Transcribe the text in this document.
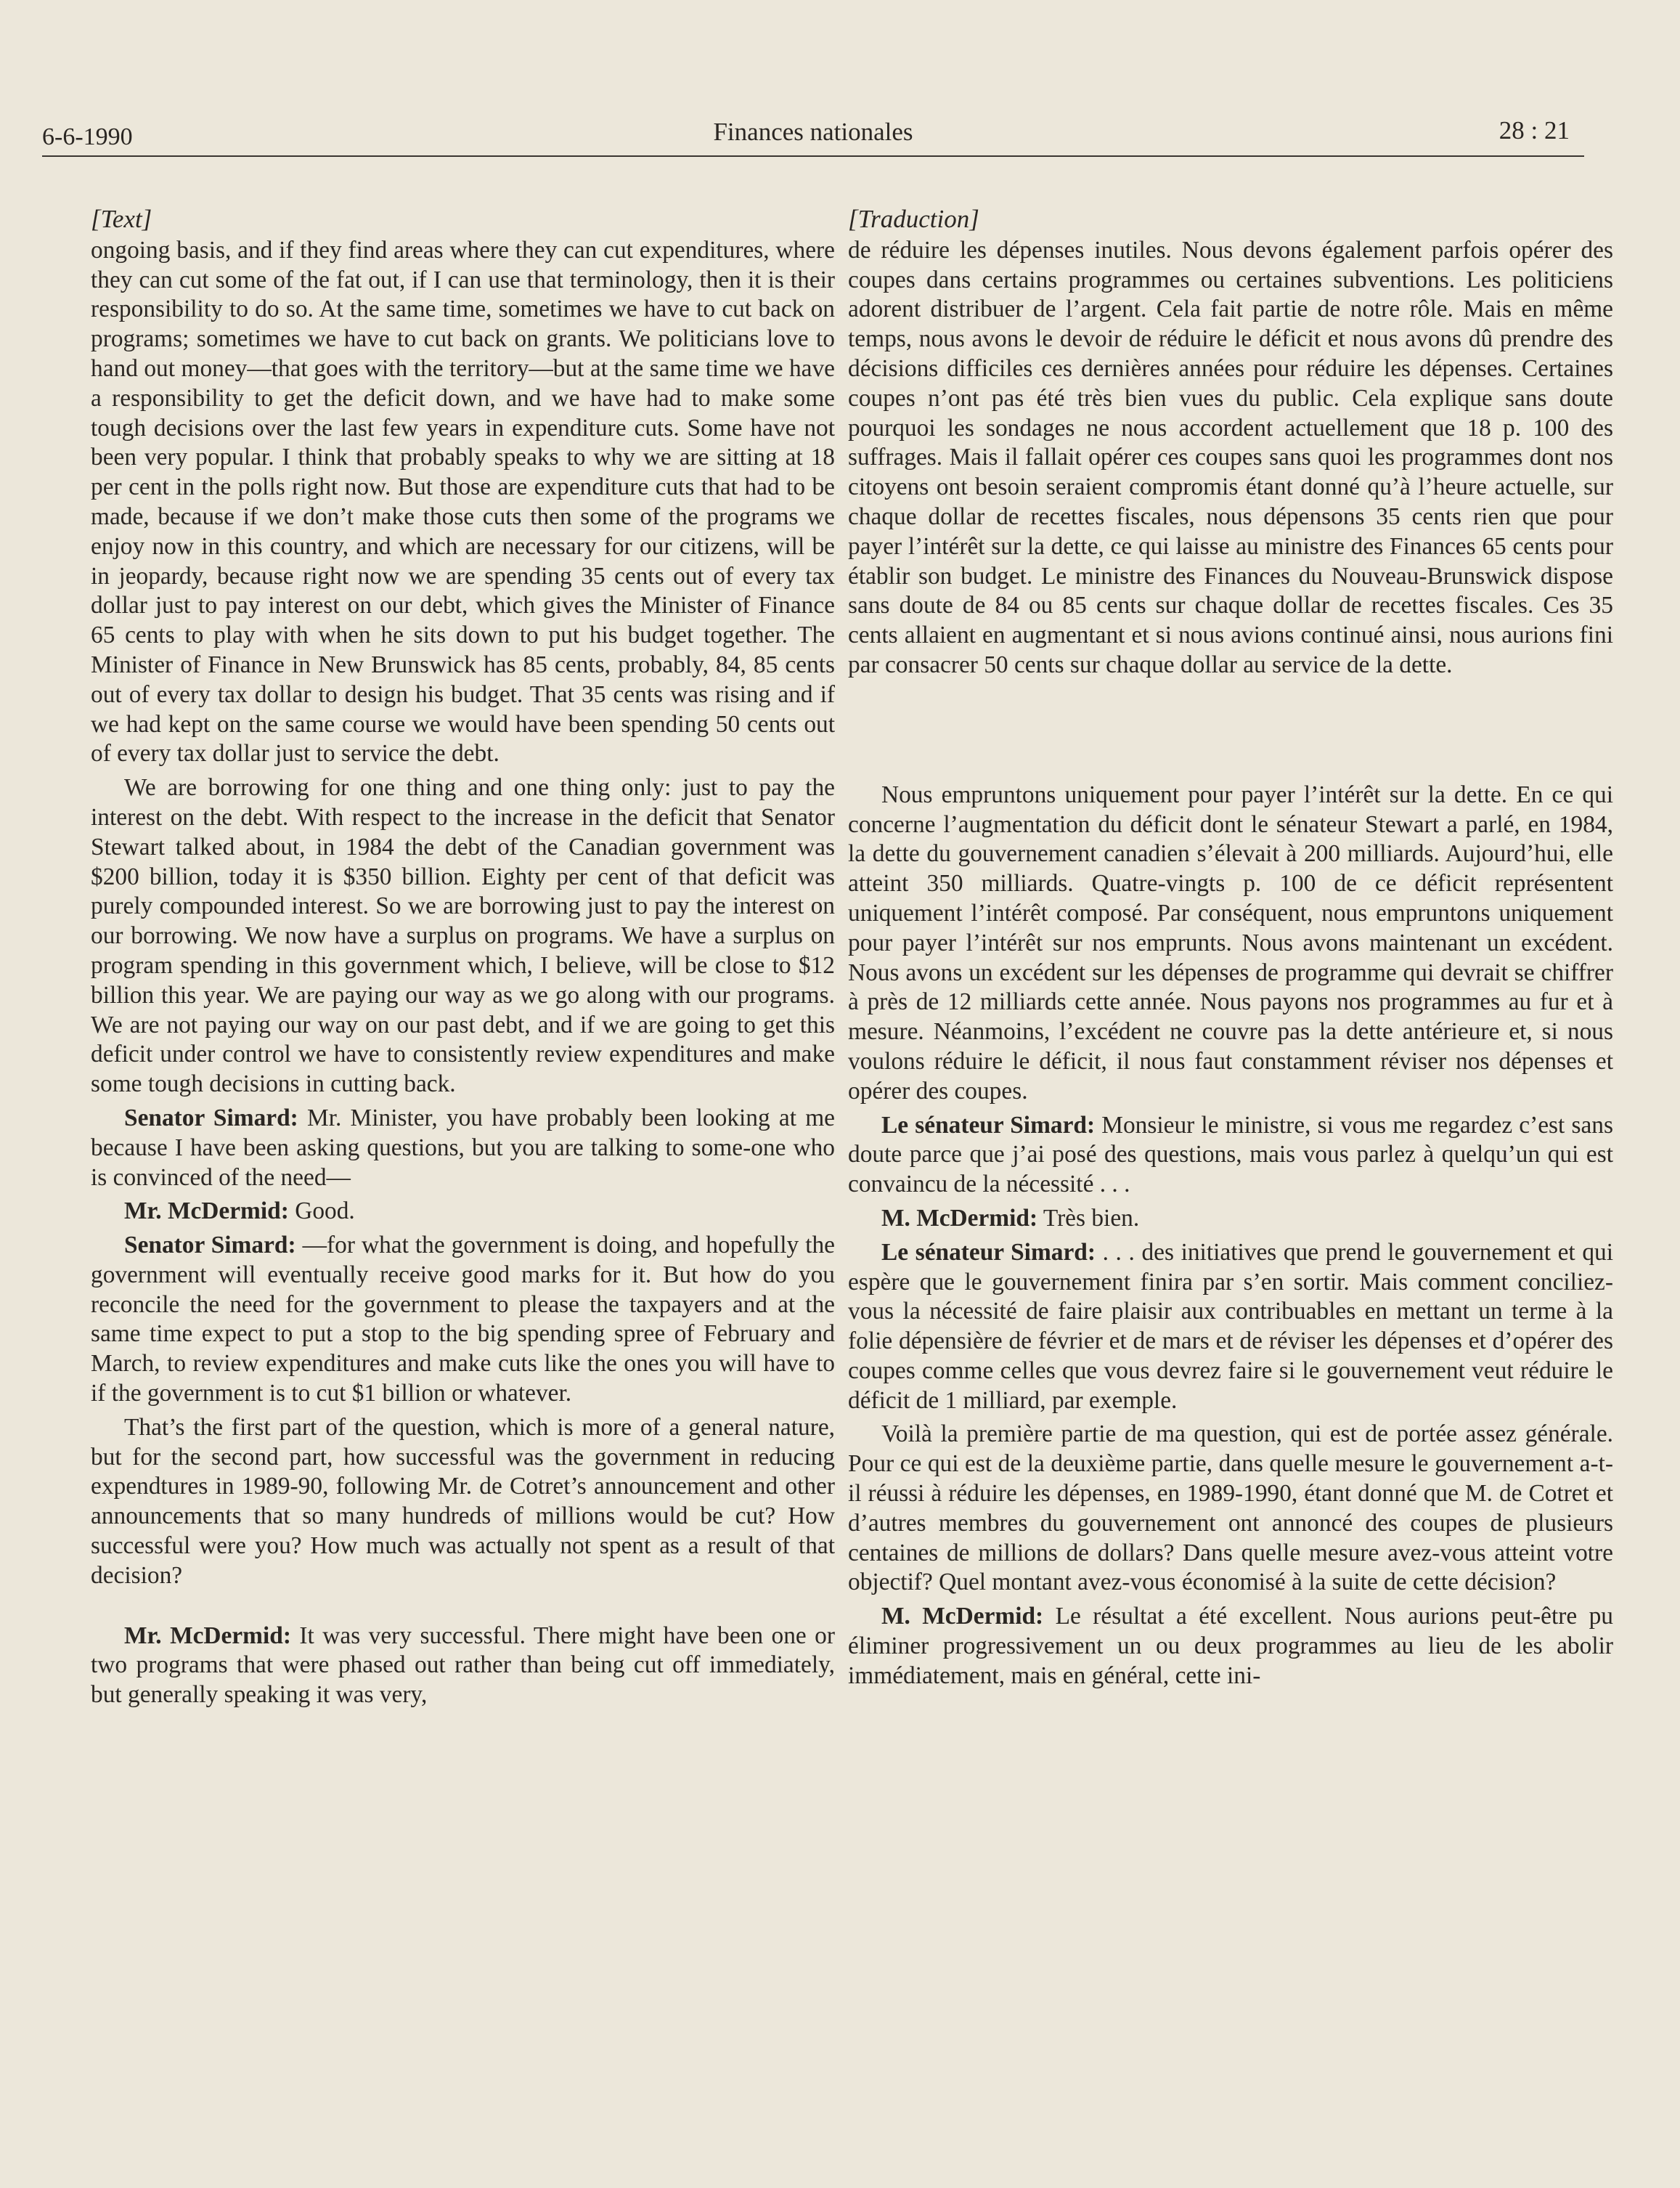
6-6-1990	Finances nationales	28 : 21
[Text]

ongoing basis, and if they find areas where they can cut expenditures, where they can cut some of the fat out, if I can use that terminology, then it is their responsibility to do so. At the same time, sometimes we have to cut back on programs; sometimes we have to cut back on grants. We politicians love to hand out money—that goes with the territory—but at the same time we have a responsibility to get the deficit down, and we have had to make some tough decisions over the last few years in expenditure cuts. Some have not been very popular. I think that probably speaks to why we are sitting at 18 per cent in the polls right now. But those are expenditure cuts that had to be made, because if we don’t make those cuts then some of the programs we enjoy now in this country, and which are necessary for our citizens, will be in jeopardy, because right now we are spending 35 cents out of every tax dollar just to pay interest on our debt, which gives the Minister of Finance 65 cents to play with when he sits down to put his budget together. The Minister of Finance in New Brunswick has 85 cents, probably, 84, 85 cents out of every tax dollar to design his budget. That 35 cents was rising and if we had kept on the same course we would have been spending 50 cents out of every tax dollar just to service the debt.

We are borrowing for one thing and one thing only: just to pay the interest on the debt. With respect to the increase in the deficit that Senator Stewart talked about, in 1984 the debt of the Canadian government was $200 billion, today it is $350 billion. Eighty per cent of that deficit was purely compounded interest. So we are borrowing just to pay the interest on our borrowing. We now have a surplus on programs. We have a surplus on program spending in this government which, I believe, will be close to $12 billion this year. We are paying our way as we go along with our programs. We are not paying our way on our past debt, and if we are going to get this deficit under control we have to consistently review expenditures and make some tough decisions in cutting back.

Senator Simard: Mr. Minister, you have probably been looking at me because I have been asking questions, but you are talking to some-one who is convinced of the need—

Mr. McDermid: Good.

Senator Simard: —for what the government is doing, and hopefully the government will eventually receive good marks for it. But how do you reconcile the need for the government to please the taxpayers and at the same time expect to put a stop to the big spending spree of February and March, to review expenditures and make cuts like the ones you will have to if the government is to cut $1 billion or whatever.

That’s the first part of the question, which is more of a general nature, but for the second part, how successful was the government in reducing expendtures in 1989-90, following Mr. de Cotret’s announcement and other announcements that so many hundreds of millions would be cut? How successful were you? How much was actually not spent as a result of that decision?

Mr. McDermid: It was very successful. There might have been one or two programs that were phased out rather than being cut off immediately, but generally speaking it was very,

[Traduction]

de réduire les dépenses inutiles. Nous devons également parfois opérer des coupes dans certains programmes ou certaines subventions. Les politiciens adorent distribuer de l’argent. Cela fait partie de notre rôle. Mais en même temps, nous avons le devoir de réduire le déficit et nous avons dû prendre des décisions difficiles ces dernières années pour réduire les dépenses. Certaines coupes n’ont pas été très bien vues du public. Cela explique sans doute pourquoi les sondages ne nous accordent actuellement que 18 p. 100 des suffrages. Mais il fallait opérer ces coupes sans quoi les programmes dont nos citoyens ont besoin seraient compromis étant donné qu’à l’heure actuelle, sur chaque dollar de recettes fiscales, nous dépensons 35 cents rien que pour payer l’intérêt sur la dette, ce qui laisse au ministre des Finances 65 cents pour établir son budget. Le ministre des Finances du Nouveau-Brunswick dispose sans doute de 84 ou 85 cents sur chaque dollar de recettes fiscales. Ces 35 cents allaient en augmentant et si nous avions continué ainsi, nous aurions fini par consacrer 50 cents sur chaque dollar au service de la dette.

Nous empruntons uniquement pour payer l’intérêt sur la dette. En ce qui concerne l’augmentation du déficit dont le sénateur Stewart a parlé, en 1984, la dette du gouvernement canadien s’élevait à 200 milliards. Aujourd’hui, elle atteint 350 milliards. Quatre-vingts p. 100 de ce déficit représentent uniquement l’intérêt composé. Par conséquent, nous empruntons uniquement pour payer l’intérêt sur nos emprunts. Nous avons maintenant un excédent. Nous avons un excédent sur les dépenses de programme qui devrait se chiffrer à près de 12 milliards cette année. Nous payons nos programmes au fur et à mesure. Néanmoins, l’excédent ne couvre pas la dette antérieure et, si nous voulons réduire le déficit, il nous faut constamment réviser nos dépenses et opérer des coupes.

Le sénateur Simard: Monsieur le ministre, si vous me regardez c’est sans doute parce que j’ai posé des questions, mais vous parlez à quelqu’un qui est convaincu de la nécessité . . .

M. McDermid: Très bien.

Le sénateur Simard: . . . des initiatives que prend le gouvernement et qui espère que le gouvernement finira par s’en sortir. Mais comment conciliez-vous la nécessité de faire plaisir aux contribuables en mettant un terme à la folie dépensière de février et de mars et de réviser les dépenses et d’opérer des coupes comme celles que vous devrez faire si le gouvernement veut réduire le déficit de 1 milliard, par exemple.

Voilà la première partie de ma question, qui est de portée assez générale. Pour ce qui est de la deuxième partie, dans quelle mesure le gouvernement a-t-il réussi à réduire les dépenses, en 1989-1990, étant donné que M. de Cotret et d’autres membres du gouvernement ont annoncé des coupes de plusieurs centaines de millions de dollars? Dans quelle mesure avez-vous atteint votre objectif? Quel montant avez-vous économisé à la suite de cette décision?

M. McDermid: Le résultat a été excellent. Nous aurions peut-être pu éliminer progressivement un ou deux programmes au lieu de les abolir immédiatement, mais en général, cette ini-
